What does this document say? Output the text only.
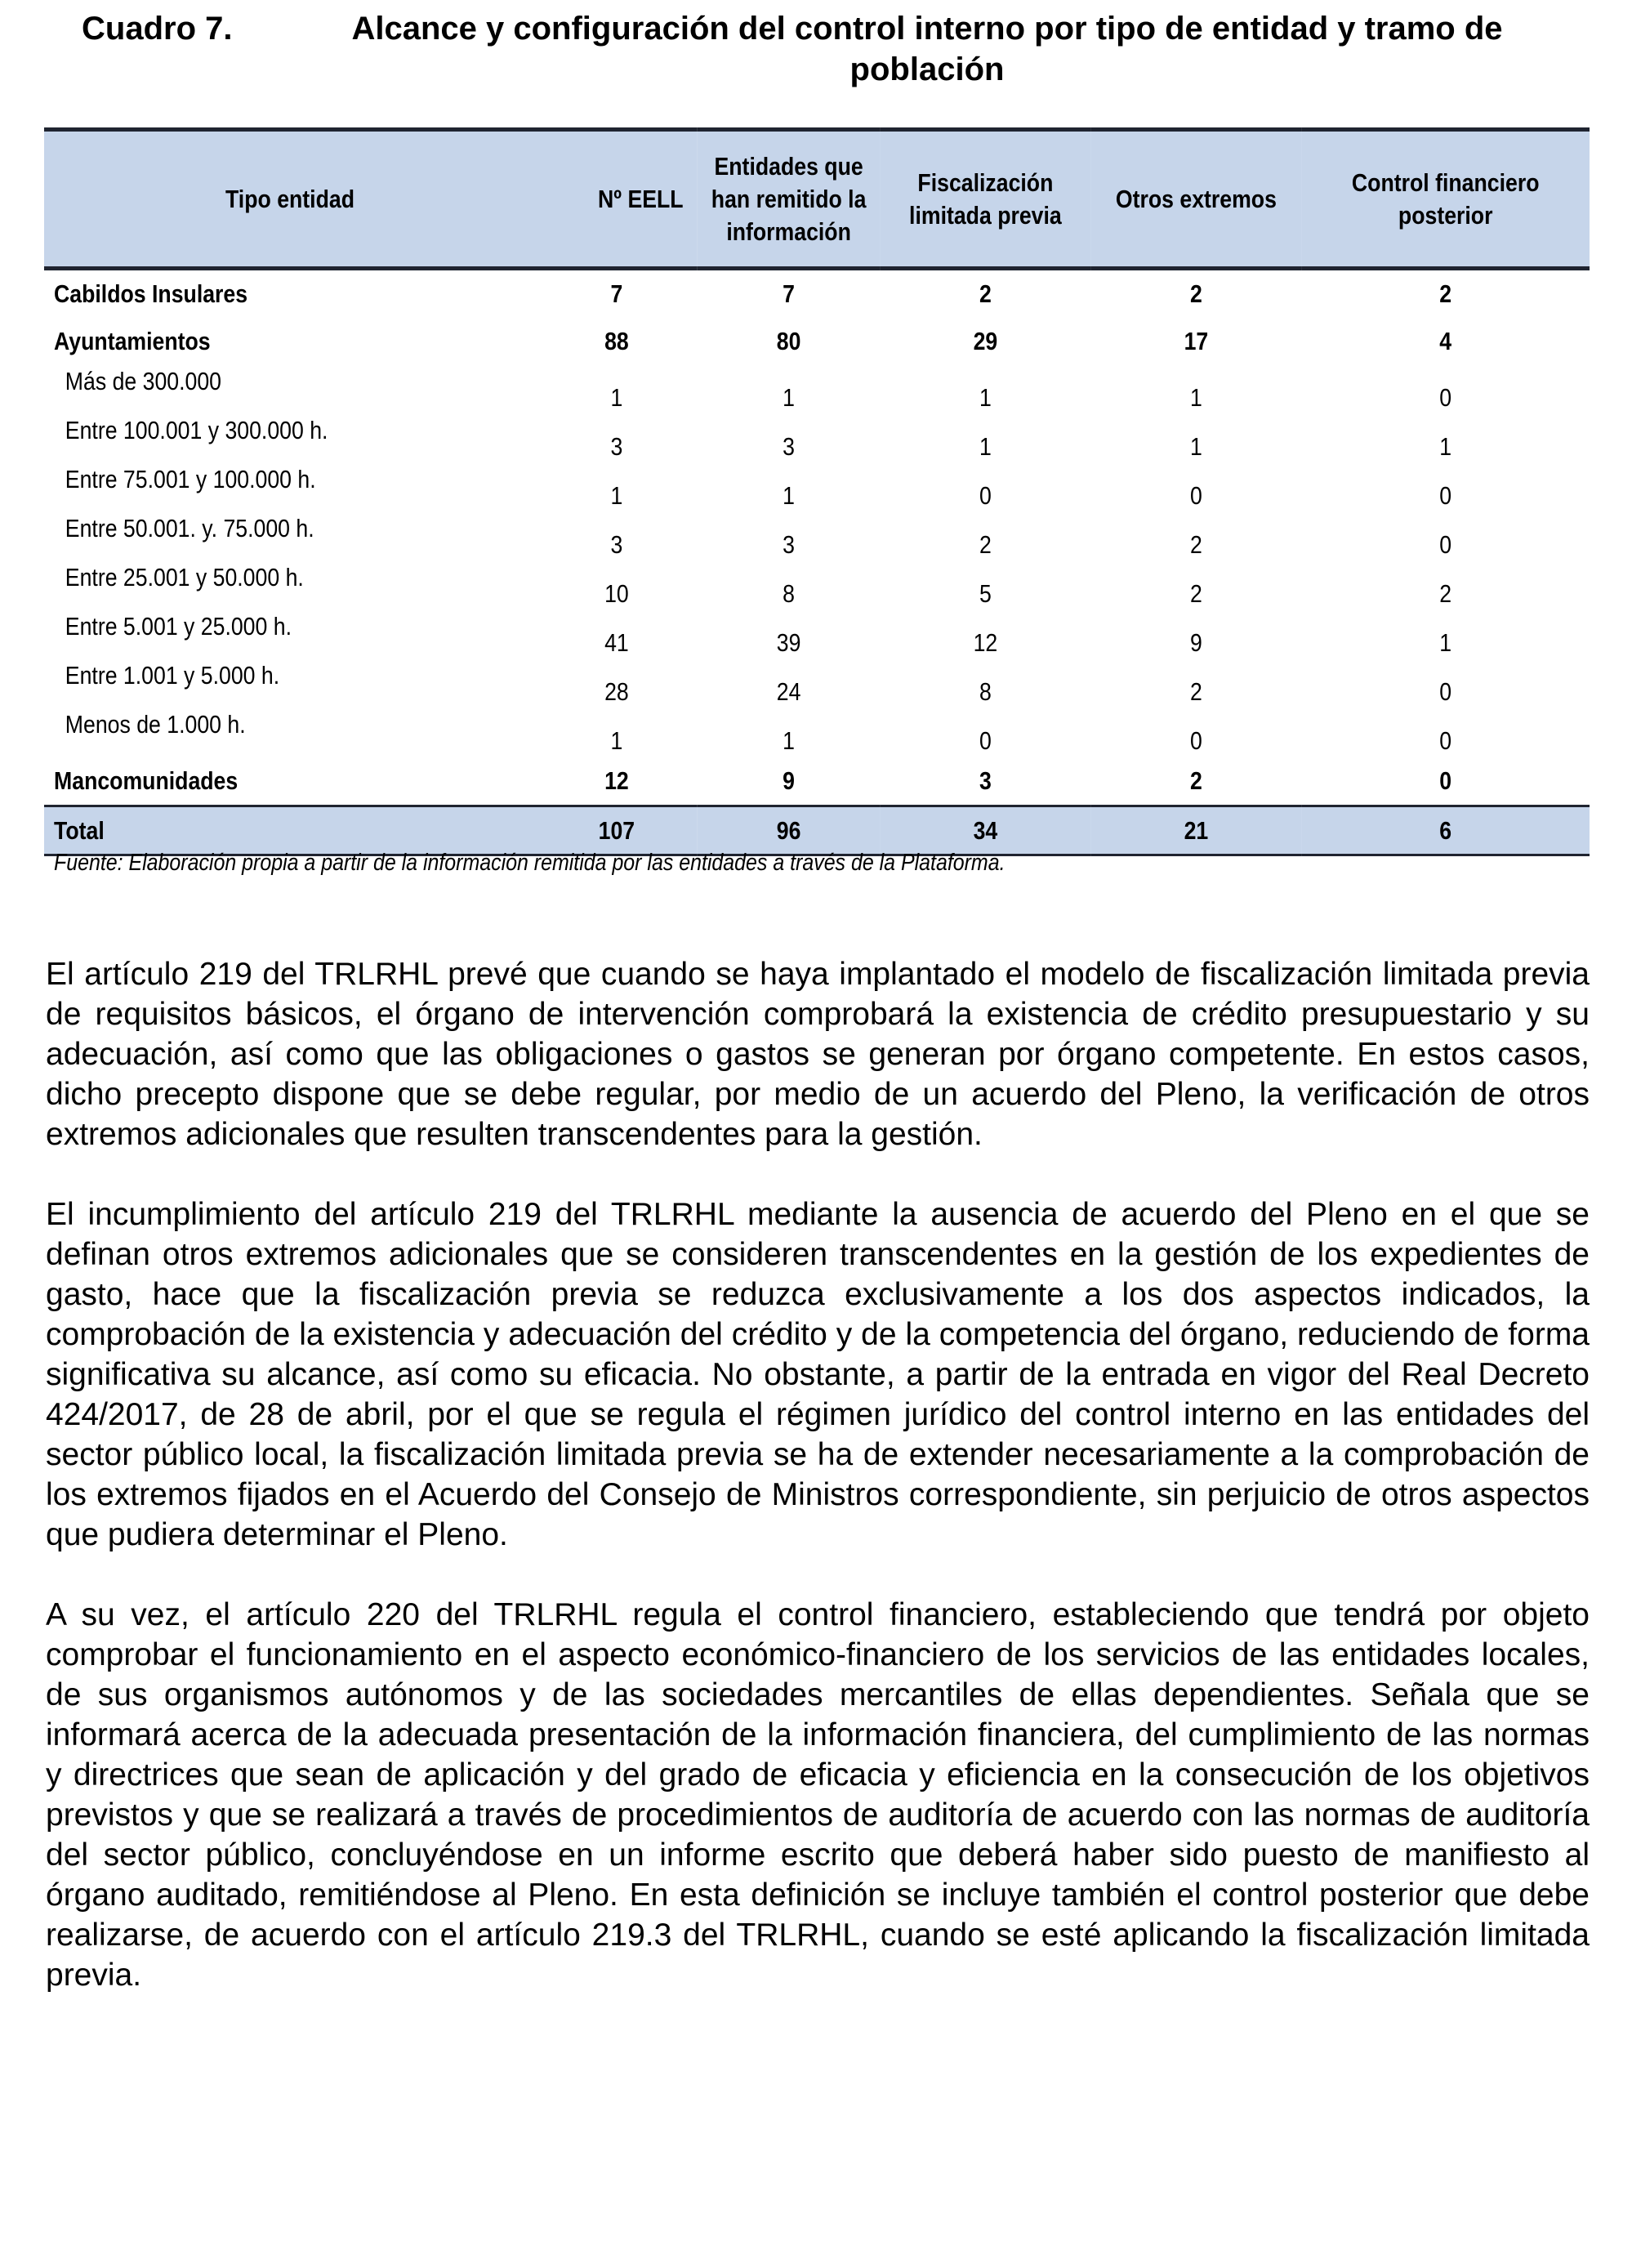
Cuadro 7.	Alcance y configuración del control interno por tipo de entidad y tramo de población
Tipo entidad	Nº EELL	Entidades que han remitido la información	Fiscalización limitada previa	Otros extremos	Control financiero posterior
Cabildos Insulares	7	7	2	2	2
Ayuntamientos	88	80	29	17	4
Más de 300.000	1	1	1	1	0
Entre 100.001 y 300.000 h.	3	3	1	1	1
Entre 75.001 y 100.000 h.	1	1	0	0	0
Entre 50.001. y. 75.000 h.	3	3	2	2	0
Entre 25.001 y 50.000 h.	10	8	5	2	2
Entre 5.001 y 25.000 h.	41	39	12	9	1
Entre 1.001 y 5.000 h.	28	24	8	2	0
Menos de 1.000 h.	1	1	0	0	0
Mancomunidades	12	9	3	2	0
Total	107	96	34	21	6
Fuente: Elaboración propia a partir de la información remitida por las entidades a través de la Plataforma.

El artículo 219 del TRLRHL prevé que cuando se haya implantado el modelo de fiscalización limitada previa de requisitos básicos, el órgano de intervención comprobará la existencia de crédito presupuestario y su adecuación, así como que las obligaciones o gastos se generan por órgano competente. En estos casos, dicho precepto dispone que se debe regular, por medio de un acuerdo del Pleno, la verificación de otros extremos adicionales que resulten transcendentes para la gestión.

El incumplimiento del artículo 219 del TRLRHL mediante la ausencia de acuerdo del Pleno en el que se definan otros extremos adicionales que se consideren transcendentes en la gestión de los expedientes de gasto, hace que la fiscalización previa se reduzca exclusivamente a los dos aspectos indicados, la comprobación de la existencia y adecuación del crédito y de la competencia del órgano, reduciendo de forma significativa su alcance, así como su eficacia. No obstante, a partir de la entrada en vigor del Real Decreto 424/2017, de 28 de abril, por el que se regula el régimen jurídico del control interno en las entidades del sector público local, la fiscalización limitada previa se ha de extender necesariamente a la comprobación de los extremos fijados en el Acuerdo del Consejo de Ministros correspondiente, sin perjuicio de otros aspectos que pudiera determinar el Pleno.

A su vez, el artículo 220 del TRLRHL regula el control financiero, estableciendo que tendrá por objeto comprobar el funcionamiento en el aspecto económico-financiero de los servicios de las entidades locales, de sus organismos autónomos y de las sociedades mercantiles de ellas dependientes. Señala que se informará acerca de la adecuada presentación de la información financiera, del cumplimiento de las normas y directrices que sean de aplicación y del grado de eficacia y eficiencia en la consecución de los objetivos previstos y que se realizará a través de procedimientos de auditoría de acuerdo con las normas de auditoría del sector público, concluyéndose en un informe escrito que deberá haber sido puesto de manifiesto al órgano auditado, remitiéndose al Pleno. En esta definición se incluye también el control posterior que debe realizarse, de acuerdo con el artículo 219.3 del TRLRHL, cuando se esté aplicando la fiscalización limitada previa.
